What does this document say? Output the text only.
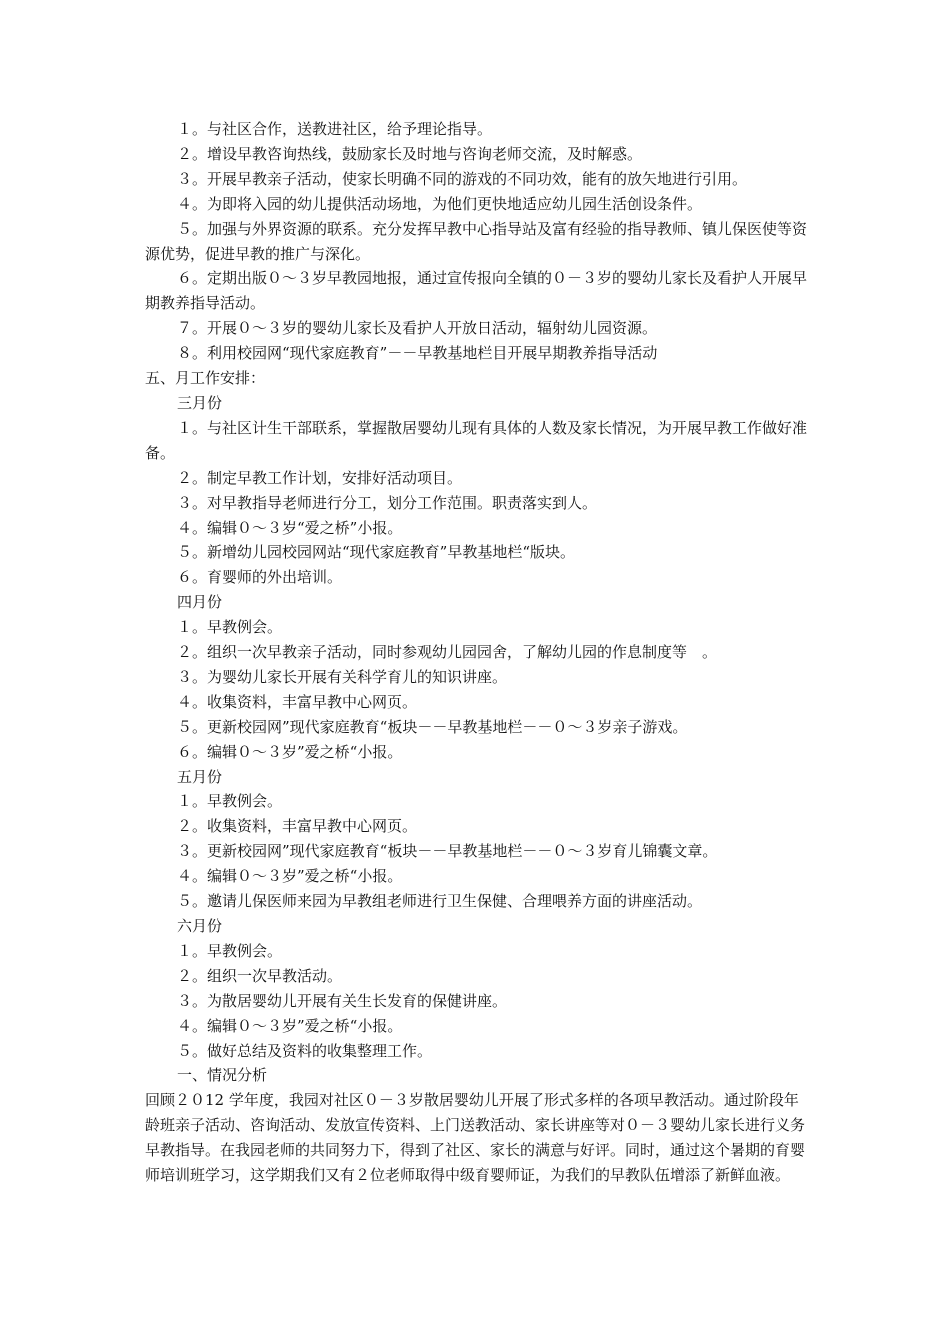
１。与社区合作，送教进社区，给予理论指导。

２。增设早教咨询热线，鼓励家长及时地与咨询老师交流，及时解惑。

３。开展早教亲子活动，使家长明确不同的游戏的不同功效，能有的放矢地进行引用。

４。为即将入园的幼儿提供活动场地，为他们更快地适应幼儿园生活创设条件。

５。加强与外界资源的联系。充分发挥早教中心指导站及富有经验的指导教师、镇儿保医使等资源优势，促进早教的推广与深化。

６。定期出版０～３岁早教园地报，通过宣传报向全镇的０－３岁的婴幼儿家长及看护人开展早期教养指导活动。

７。开展０～３岁的婴幼儿家长及看护人开放日活动，辐射幼儿园资源。

８。利用校园网“现代家庭教育”－－早教基地栏目开展早期教养指导活动

五、月工作安排：

三月份

１。与社区计生干部联系，掌握散居婴幼儿现有具体的人数及家长情况，为开展早教工作做好准备。

２。制定早教工作计划，安排好活动项目。

３。对早教指导老师进行分工，划分工作范围。职责落实到人。

４。编辑０～３岁“爱之桥”小报。

５。新增幼儿园校园网站“现代家庭教育”早教基地栏“版块。

６。育婴师的外出培训。

四月份

１。早教例会。

２。组织一次早教亲子活动，同时参观幼儿园园舍，了解幼儿园的作息制度等　。

３。为婴幼儿家长开展有关科学育儿的知识讲座。

４。收集资料，丰富早教中心网页。

５。更新校园网”现代家庭教育“板块－－早教基地栏－－０～３岁亲子游戏。

６。编辑０～３岁”爱之桥“小报。

五月份

１。早教例会。

２。收集资料，丰富早教中心网页。

３。更新校园网”现代家庭教育“板块－－早教基地栏－－０～３岁育儿锦囊文章。

４。编辑０～３岁”爱之桥“小报。

５。邀请儿保医师来园为早教组老师进行卫生保健、合理喂养方面的讲座活动。

六月份

１。早教例会。

２。组织一次早教活动。

３。为散居婴幼儿开展有关生长发育的保健讲座。

４。编辑０～３岁”爱之桥“小报。

５。做好总结及资料的收集整理工作。

一、情况分析

回顾２０12 学年度，我园对社区０－３岁散居婴幼儿开展了形式多样的各项早教活动。通过阶段年龄班亲子活动、咨询活动、发放宣传资料、上门送教活动、家长讲座等对０－３婴幼儿家长进行义务早教指导。在我园老师的共同努力下，得到了社区、家长的满意与好评。同时，通过这个暑期的育婴师培训班学习，这学期我们又有２位老师取得中级育婴师证，为我们的早教队伍增添了新鲜血液。
